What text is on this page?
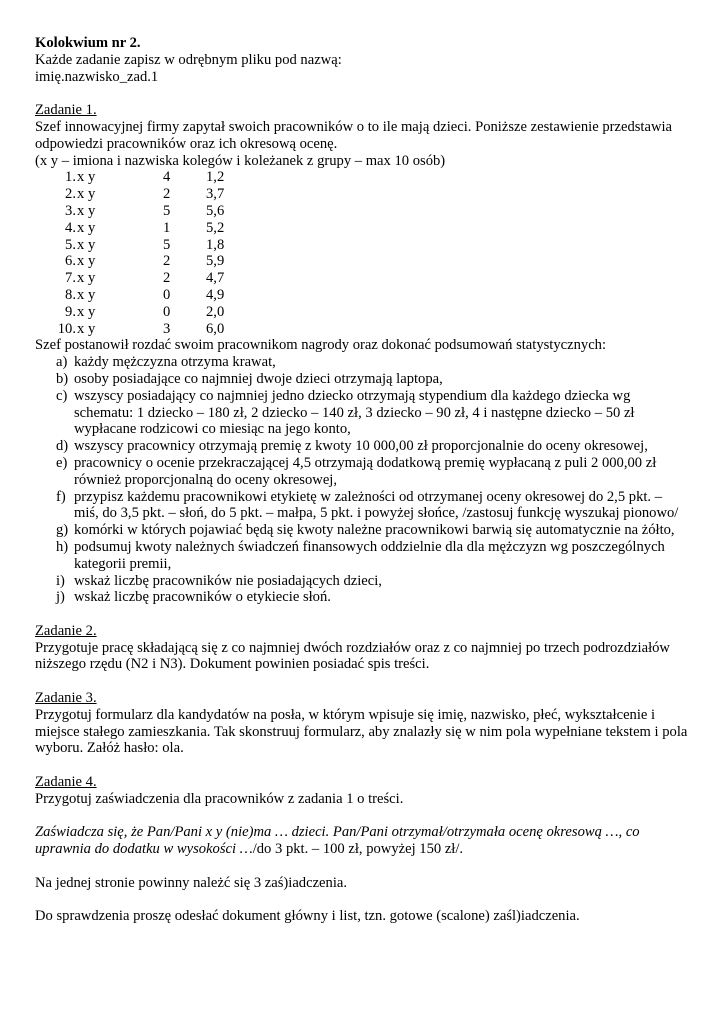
Kolokwium nr 2.

Każde zadanie zapisz w odrębnym pliku pod nazwą:

imię.nazwisko_zad.1

Zadanie 1.

Szef innowacyjnej firmy zapytał swoich pracowników o to ile mają dzieci. Poniższe zestawienie przedstawia

odpowiedzi pracowników oraz ich okresową ocenę.

(x y – imiona i nazwiska kolegów i koleżanek z grupy – max 10 osób)

1. x y	4 1,2
2. x y	2 3,7
3. x y	5 5,6
4. x y	1 5,2
5. x y	5 1,8
6. x y	2 5,9
7. x y	2 4,7
8. x y	0 4,9
9. x y	0 2,0
10. x y	3 6,0

Szef postanowił rozdać swoim pracownikom nagrody oraz dokonać podsumowań statystycznych:

a) każdy mężczyzna otrzyma krawat,
b) osoby posiadające co najmniej dwoje dzieci otrzymają laptopa,
c) wszyscy posiadający co najmniej jedno dziecko otrzymają stypendium dla każdego dziecka wg
schematu: 1 dziecko – 180 zł, 2 dziecko – 140 zł, 3 dziecko – 90 zł, 4 i następne dziecko – 50 zł
wypłacane rodzicowi co miesiąc na jego konto,
d) wszyscy pracownicy otrzymają premię z kwoty 10 000,00 zł proporcjonalnie do oceny okresowej,
e) pracownicy o ocenie przekraczającej 4,5 otrzymają dodatkową premię wypłacaną z puli 2 000,00 zł
również proporcjonalną do oceny okresowej,
f) przypisz każdemu pracownikowi etykietę w zależności od otrzymanej oceny okresowej do 2,5 pkt. –
miś, do 3,5 pkt. – słoń, do 5 pkt. – małpa, 5 pkt. i powyżej słońce, /zastosuj funkcję wyszukaj pionowo/
g) komórki w których pojawiać będą się kwoty należne pracownikowi barwią się automatycznie na żółto,
h) podsumuj kwoty należnych świadczeń finansowych oddzielnie dla dla mężczyzn wg poszczególnych
kategorii premii,
i) wskaż liczbę pracowników nie posiadających dzieci,
j) wskaż liczbę pracowników o etykiecie słoń.

Zadanie 2.

Przygotuje pracę składającą się z co najmniej dwóch rozdziałów oraz z co najmniej po trzech podrozdziałów

niższego rzędu (N2 i N3). Dokument powinien posiadać spis treści.

Zadanie 3.

Przygotuj formularz dla kandydatów na posła, w którym wpisuje się imię, nazwisko, płeć, wykształcenie i

miejsce stałego zamieszkania. Tak skonstruuj formularz, aby znalazły się w nim pola wypełniane tekstem i pola

wyboru. Załóż hasło: ola.

Zadanie 4.

Przygotuj zaświadczenia dla pracowników z zadania 1 o treści.

Zaświadcza się, że Pan/Pani x y (nie)ma … dzieci. Pan/Pani otrzymał/otrzymała ocenę okresową …, co

uprawnia do dodatku w wysokości …/do 3 pkt. – 100 zł, powyżej 150 zł/.

Na jednej stronie powinny należć się 3 zaś)iadczenia.

Do sprawdzenia proszę odesłać dokument główny i list, tzn. gotowe (scalone) zaśl)iadczenia.
